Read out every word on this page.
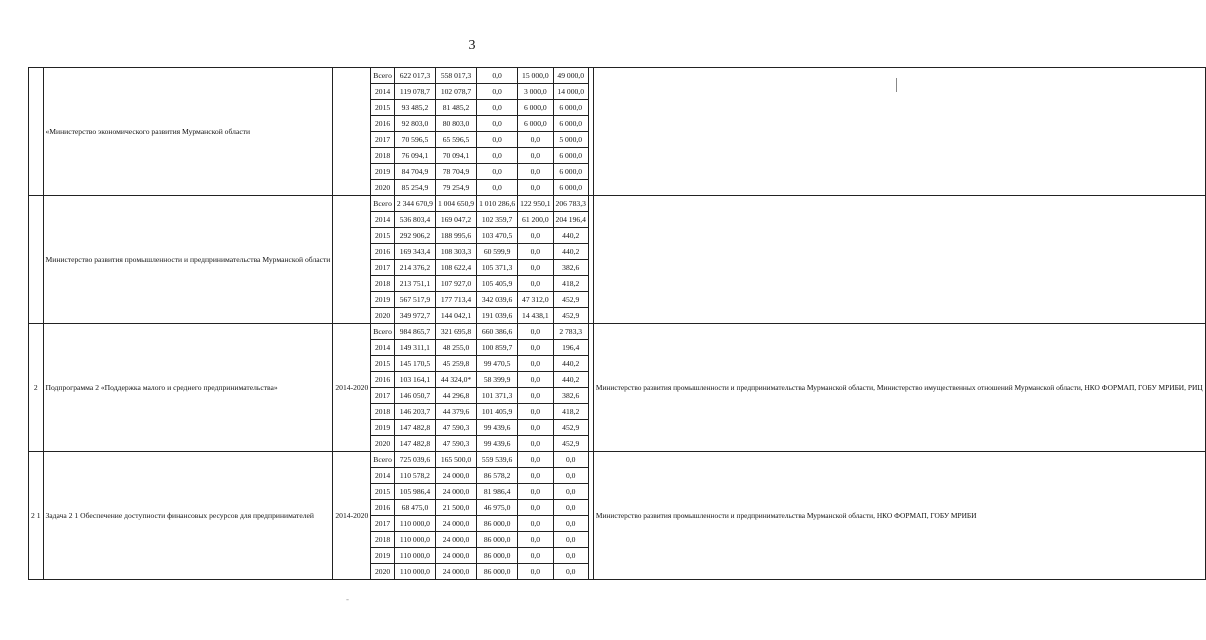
3
	«Министерство экономического развития Мурманской области		Всего	622 017,3	558 017,3	0,0	15 000,0	49 000,0		
			2014	119 078,7	102 078,7	0,0	3 000,0	14 000,0		
			2015	93 485,2	81 485,2	0,0	6 000,0	6 000,0		
			2016	92 803,0	80 803,0	0,0	6 000,0	6 000,0		
			2017	70 596,5	65 596,5	0,0	0,0	5 000,0		
			2018	76 094,1	70 094,1	0,0	0,0	6 000,0		
			2019	84 704,9	78 704,9	0,0	0,0	6 000,0		
			2020	85 254,9	79 254,9	0,0	0,0	6 000,0		
	Министерство развития промышленности и предпринимательства Мурманской области		Всего	2 344 670,9	1 004 650,9	1 010 286,6	122 950,1	206 783,3		
			2014	536 803,4	169 047,2	102 359,7	61 200,0	204 196,4		
			2015	292 906,2	188 995,6	103 470,5	0,0	440,2		
			2016	169 343,4	108 303,3	60 599,9	0,0	440,2		
			2017	214 376,2	108 622,4	105 371,3	0,0	382,6		
			2018	213 751,1	107 927,0	105 405,9	0,0	418,2		
			2019	567 517,9	177 713,4	342 039,6	47 312,0	452,9		
			2020	349 972,7	144 042,1	191 039,6	14 438,1	452,9		
2	Подпрограмма 2 «Поддержка малого и среднего предпринимательства»	2014-2020	Всего	984 865,7	321 695,8	660 386,6	0,0	2 783,3		Министерство развития промышленности и предпринимательства Мурманской области, Министерство имущественных отношений Мурманской области, НКО ФОРМАП, ГОБУ МРИБИ, РИЦ
			2014	149 311,1	48 255,0	100 859,7	0,0	196,4		
			2015	145 170,5	45 259,8	99 470,5	0,0	440,2		
			2016	103 164,1	44 324,0*	58 399,9	0,0	440,2		
			2017	146 050,7	44 296,8	101 371,3	0,0	382,6		
			2018	146 203,7	44 379,6	101 405,9	0,0	418,2		
			2019	147 482,8	47 590,3	99 439,6	0,0	452,9		
			2020	147 482,8	47 590,3	99 439,6	0,0	452,9		
2 1	Задача 2 1 Обеспечение доступности финансовых ресурсов для предпринимателей	2014-2020	Всего	725 039,6	165 500,0	559 539,6	0,0	0,0		Министерство развития промышленности и предпринимательства Мурманской области, НКО ФОРМАП, ГОБУ МРИБИ
			2014	110 578,2	24 000,0	86 578,2	0,0	0,0		
			2015	105 986,4	24 000,0	81 986,4	0,0	0,0		
			2016	68 475,0	21 500,0	46 975,0	0,0	0,0		
			2017	110 000,0	24 000,0	86 000,0	0,0	0,0		
			2018	110 000,0	24 000,0	86 000,0	0,0	0,0		
			2019	110 000,0	24 000,0	86 000,0	0,0	0,0		
			2020	110 000,0	24 000,0	86 000,0	0,0	0,0		
-
